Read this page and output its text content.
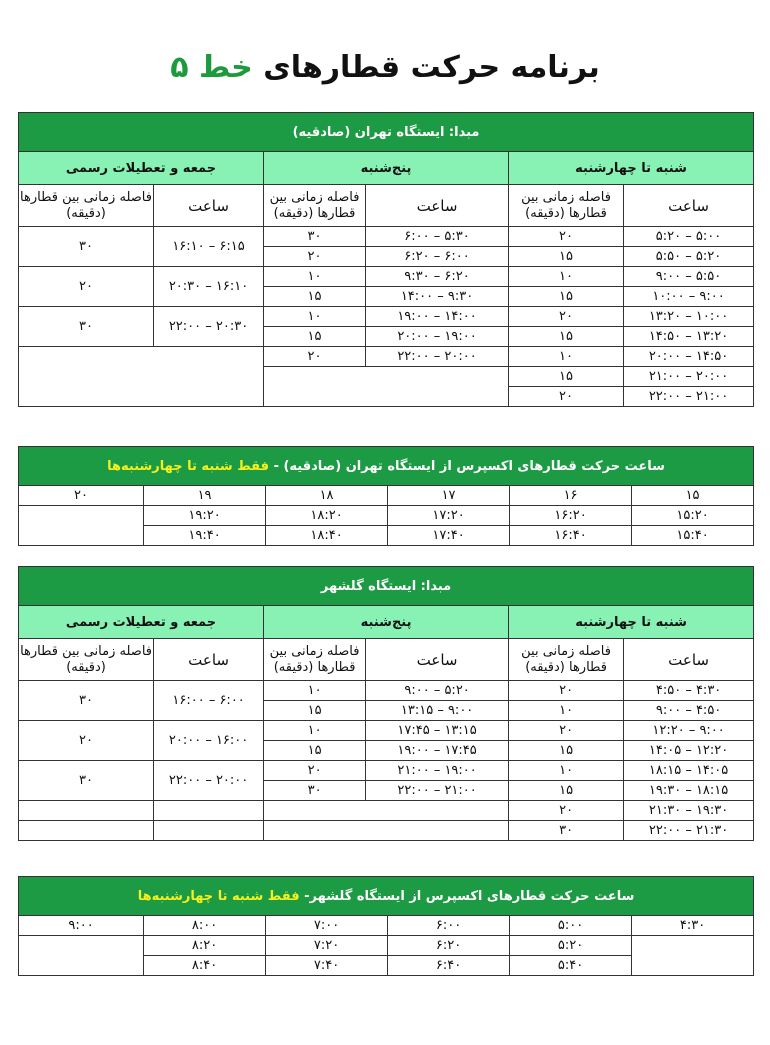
برنامه حرکت قطارهای خط ۵
مبدا: ایستگاه تهران (صادقیه)					
شنبه تا چهارشنبه		پنج‌شنبه		جمعه و تعطیلات رسمی	
ساعت	فاصله زمانی بین قطارها (دقیقه)	ساعت	فاصله زمانی بین قطارها (دقیقه)	ساعت	فاصله زمانی بین قطارها (دقیقه)
۵:۰۰ – ۵:۲۰	۲۰	۵:۳۰ – ۶:۰۰	۳۰	۶:۱۵ – ۱۶:۱۰	۳۰
۵:۲۰ – ۵:۵۰	۱۵	۶:۰۰ – ۶:۲۰	۲۰		
۵:۵۰ – ۹:۰۰	۱۰	۶:۲۰ – ۹:۳۰	۱۰	۱۶:۱۰ – ۲۰:۳۰	۲۰
۹:۰۰ – ۱۰:۰۰	۱۵	۹:۳۰ – ۱۴:۰۰	۱۵		
۱۰:۰۰ – ۱۳:۲۰	۲۰	۱۴:۰۰ – ۱۹:۰۰	۱۰	۲۰:۳۰ – ۲۲:۰۰	۳۰
۱۳:۲۰ – ۱۴:۵۰	۱۵	۱۹:۰۰ – ۲۰:۰۰	۱۵		
۱۴:۵۰ – ۲۰:۰۰	۱۰	۲۰:۰۰ – ۲۲:۰۰	۲۰		
۲۰:۰۰ – ۲۱:۰۰	۱۵				
۲۱:۰۰ – ۲۲:۰۰	۲۰				
ساعت حرکت قطارهای اکسپرس از ایستگاه تهران (صادقیه) - فقط شنبه تا چهارشنبه‌ها					
۱۵	۱۶	۱۷	۱۸	۱۹	۲۰
۱۵:۲۰	۱۶:۲۰	۱۷:۲۰	۱۸:۲۰	۱۹:۲۰	
۱۵:۴۰	۱۶:۴۰	۱۷:۴۰	۱۸:۴۰	۱۹:۴۰	
مبدا: ایستگاه گلشهر					
شنبه تا چهارشنبه		پنج‌شنبه		جمعه و تعطیلات رسمی	
ساعت	فاصله زمانی بین قطارها (دقیقه)	ساعت	فاصله زمانی بین قطارها (دقیقه)	ساعت	فاصله زمانی بین قطارها (دقیقه)
۴:۳۰ – ۴:۵۰	۲۰	۵:۲۰ – ۹:۰۰	۱۰	۶:۰۰ – ۱۶:۰۰	۳۰
۴:۵۰ – ۹:۰۰	۱۰	۹:۰۰ – ۱۳:۱۵	۱۵		
۹:۰۰ – ۱۲:۲۰	۲۰	۱۳:۱۵ – ۱۷:۴۵	۱۰	۱۶:۰۰ – ۲۰:۰۰	۲۰
۱۲:۲۰ – ۱۴:۰۵	۱۵	۱۷:۴۵ – ۱۹:۰۰	۱۵		
۱۴:۰۵ – ۱۸:۱۵	۱۰	۱۹:۰۰ – ۲۱:۰۰	۲۰	۲۰:۰۰ – ۲۲:۰۰	۳۰
۱۸:۱۵ – ۱۹:۳۰	۱۵	۲۱:۰۰ – ۲۲:۰۰	۳۰		
۱۹:۳۰ – ۲۱:۳۰	۲۰				
۲۱:۳۰ – ۲۲:۰۰	۳۰				
ساعت حرکت قطارهای اکسپرس از ایستگاه گلشهر- فقط شنبه تا چهارشنبه‌ها					
۴:۳۰	۵:۰۰	۶:۰۰	۷:۰۰	۸:۰۰	۹:۰۰
	۵:۲۰	۶:۲۰	۷:۲۰	۸:۲۰	
	۵:۴۰	۶:۴۰	۷:۴۰	۸:۴۰	
